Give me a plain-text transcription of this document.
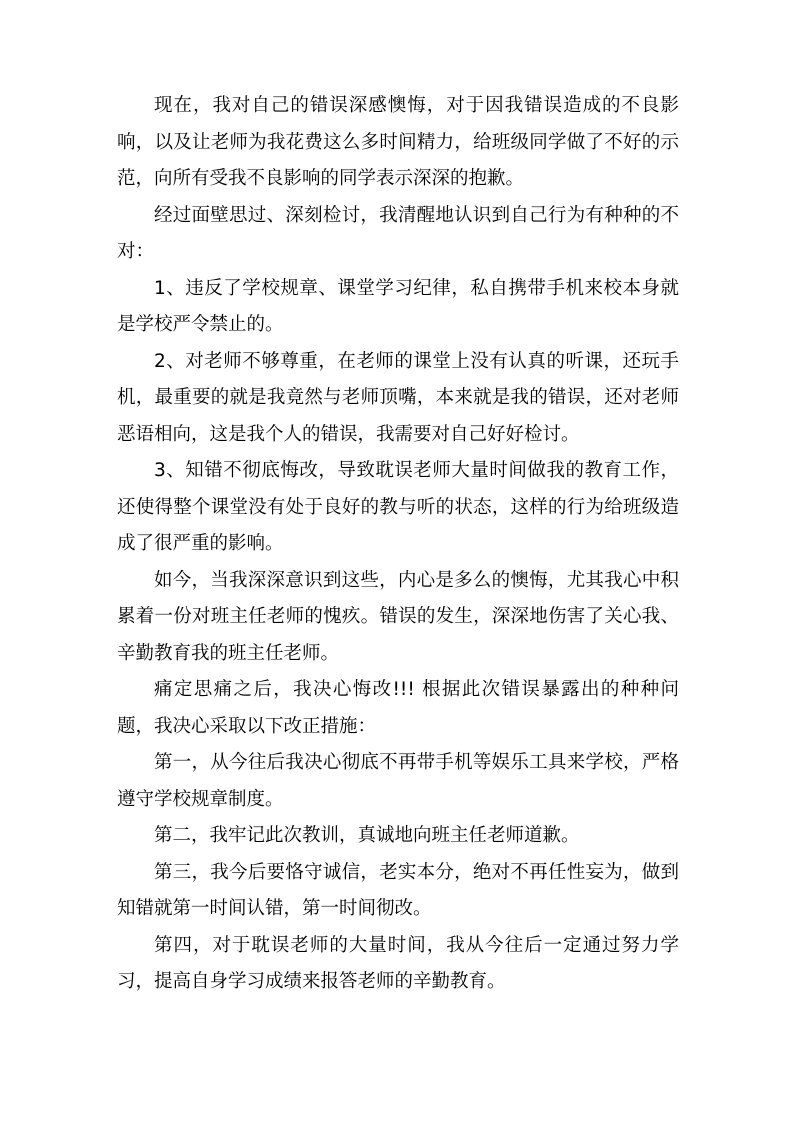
现在，我对自己的错误深感懊悔，对于因我错误造成的不良影响，以及让老师为我花费这么多时间精力，给班级同学做了不好的示范，向所有受我不良影响的同学表示深深的抱歉。

经过面壁思过、深刻检讨，我清醒地认识到自己行为有种种的不对：

1、违反了学校规章、课堂学习纪律，私自携带手机来校本身就是学校严令禁止的。

2、对老师不够尊重，在老师的课堂上没有认真的听课，还玩手机，最重要的就是我竟然与老师顶嘴，本来就是我的错误，还对老师恶语相向，这是我个人的错误，我需要对自己好好检讨。

3、知错不彻底悔改，导致耽误老师大量时间做我的教育工作，还使得整个课堂没有处于良好的教与听的状态，这样的行为给班级造成了很严重的影响。

如今，当我深深意识到这些，内心是多么的懊悔，尤其我心中积累着一份对班主任老师的愧疚。错误的发生，深深地伤害了关心我、辛勤教育我的班主任老师。

痛定思痛之后，我决心悔改!!! 根据此次错误暴露出的种种问题，我决心采取以下改正措施：

第一，从今往后我决心彻底不再带手机等娱乐工具来学校，严格遵守学校规章制度。

第二，我牢记此次教训，真诚地向班主任老师道歉。

第三，我今后要恪守诚信，老实本分，绝对不再任性妄为，做到知错就第一时间认错，第一时间彻改。

第四，对于耽误老师的大量时间，我从今往后一定通过努力学习，提高自身学习成绩来报答老师的辛勤教育。
